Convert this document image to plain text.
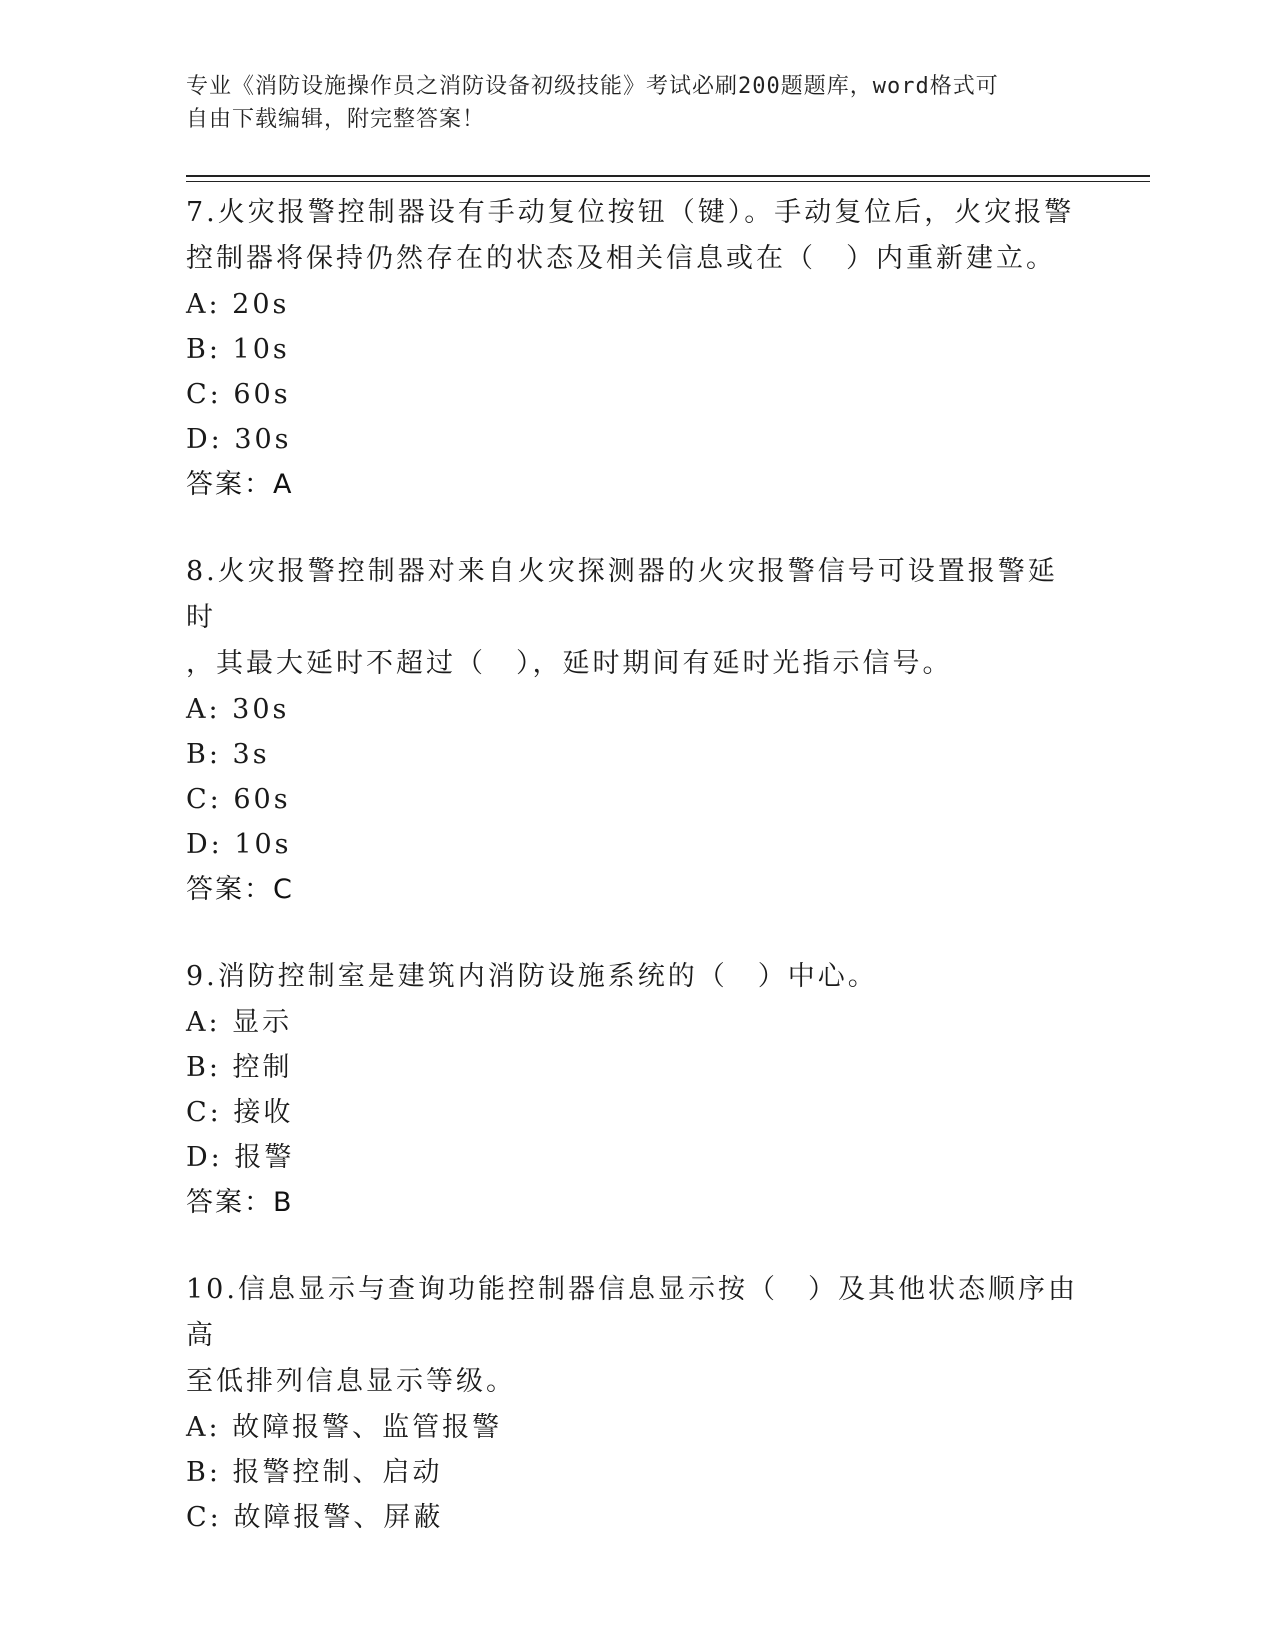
专业《消防设施操作员之消防设备初级技能》考试必刷200题题库，word格式可
自由下载编辑，附完整答案！
7.火灾报警控制器设有手动复位按钮（键）。手动复位后，火灾报警
控制器将保持仍然存在的状态及相关信息或在（　）内重新建立。
A: 20s
B: 10s
C: 60s
D: 30s
答案：A
8.火灾报警控制器对来自火灾探测器的火灾报警信号可设置报警延时
，其最大延时不超过（　），延时期间有延时光指示信号。
A: 30s
B: 3s
C: 60s
D: 10s
答案：C
9.消防控制室是建筑内消防设施系统的（　）中心。
A: 显示
B: 控制
C: 接收
D: 报警
答案：B
10.信息显示与查询功能控制器信息显示按（　）及其他状态顺序由高
至低排列信息显示等级。
A: 故障报警、监管报警
B: 报警控制、启动
C: 故障报警、屏蔽
